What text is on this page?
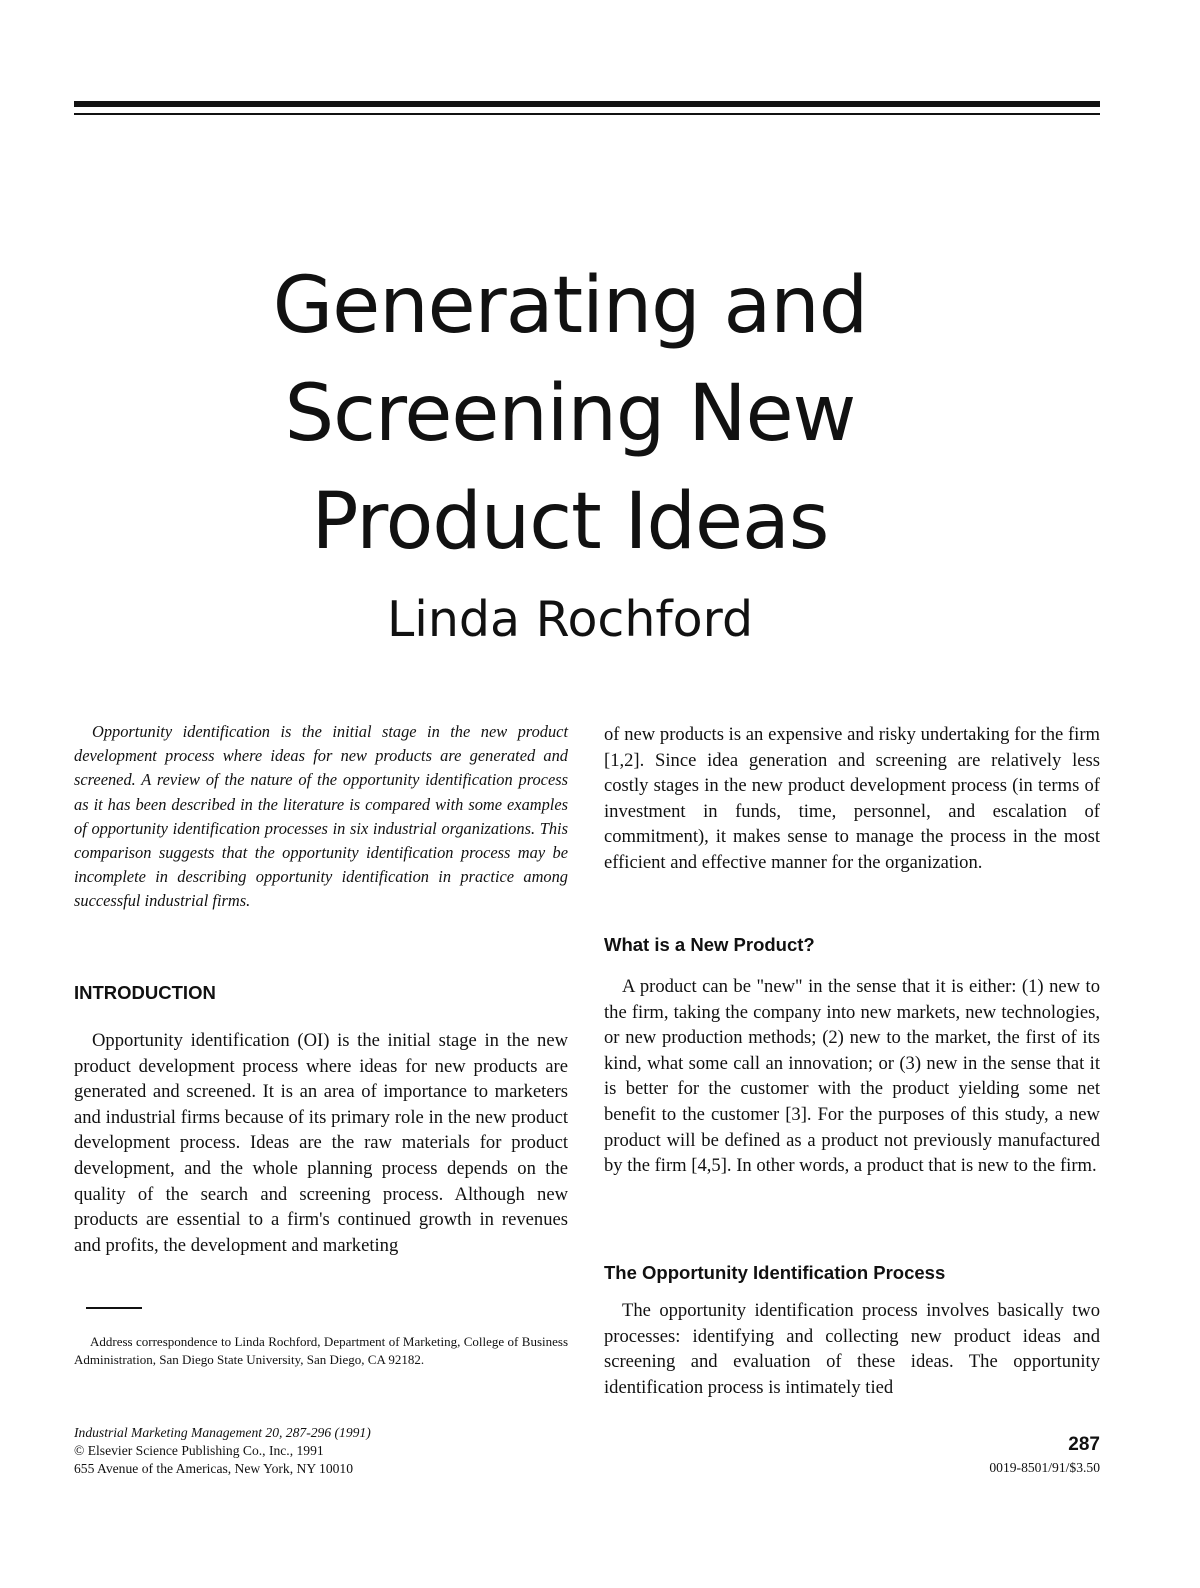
Generating and
Screening New
Product Ideas
Linda Rochford

Opportunity identification is the initial stage in the new product development process where ideas for new products are generated and screened. A review of the nature of the opportunity identification process as it has been described in the literature is compared with some examples of opportunity identification processes in six industrial organizations. This comparison suggests that the opportunity identification process may be incomplete in describing opportunity identification in practice among successful industrial firms.

INTRODUCTION

Opportunity identification (OI) is the initial stage in the new product development process where ideas for new products are generated and screened. It is an area of importance to marketers and industrial firms because of its primary role in the new product development process. Ideas are the raw materials for product development, and the whole planning process depends on the quality of the search and screening process. Although new products are essential to a firm's continued growth in revenues and profits, the development and marketing

Address correspondence to Linda Rochford, Department of Marketing, College of Business Administration, San Diego State University, San Diego, CA 92182.

of new products is an expensive and risky undertaking for the firm [1,2]. Since idea generation and screening are relatively less costly stages in the new product development process (in terms of investment in funds, time, personnel, and escalation of commitment), it makes sense to manage the process in the most efficient and effective manner for the organization.

What is a New Product?

A product can be "new" in the sense that it is either: (1) new to the firm, taking the company into new markets, new technologies, or new production methods; (2) new to the market, the first of its kind, what some call an innovation; or (3) new in the sense that it is better for the customer with the product yielding some net benefit to the customer [3]. For the purposes of this study, a new product will be defined as a product not previously manufactured by the firm [4,5]. In other words, a product that is new to the firm.

The Opportunity Identification Process

The opportunity identification process involves basically two processes: identifying and collecting new product ideas and screening and evaluation of these ideas. The opportunity identification process is intimately tied

Industrial Marketing Management 20, 287-296 (1991)
© Elsevier Science Publishing Co., Inc., 1991
655 Avenue of the Americas, New York, NY 10010
287
0019-8501/91/$3.50
